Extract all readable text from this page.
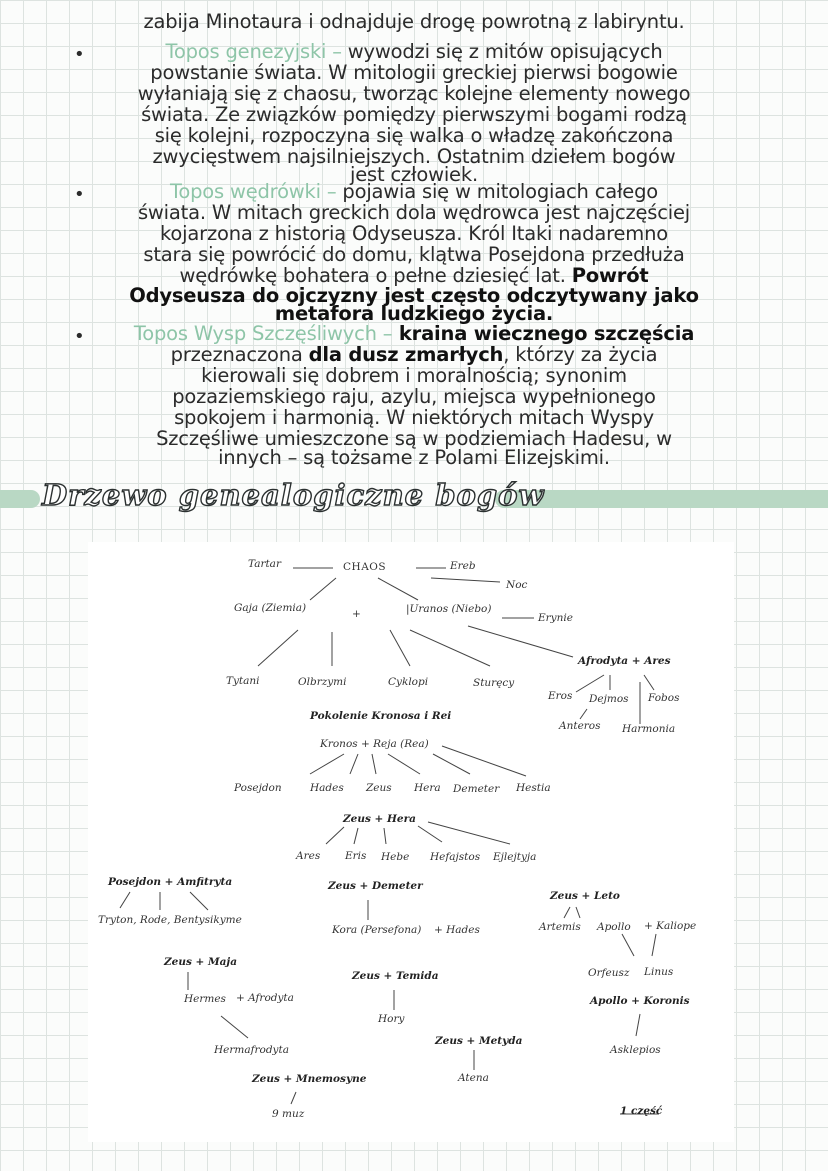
zabija Minotaura i odnajduje drogę powrotną z labiryntu.
•	Topos genezyjski – wywodzi się z mitów opisujących
powstanie świata. W mitologii greckiej pierwsi bogowie
wyłaniają się z chaosu, tworząc kolejne elementy nowego
świata. Ze związków pomiędzy pierwszymi bogami rodzą
się kolejni, rozpoczyna się walka o władzę zakończona
zwycięstwem najsilniejszych. Ostatnim dziełem bogów
jest człowiek.
•	Topos wędrówki – pojawia się w mitologiach całego
świata. W mitach greckich dola wędrowca jest najczęściej
kojarzona z historią Odyseusza. Król Itaki nadaremno
stara się powrócić do domu, klątwa Posejdona przedłuża
wędrówkę bohatera o pełne dziesięć lat. Powrót
Odyseusza do ojczyzny jest często odczytywany jako
metafora ludzkiego życia.
•	Topos Wysp Szczęśliwych – kraina wiecznego szczęścia
przeznaczona dla dusz zmarłych, którzy za życia
kierowali się dobrem i moralnością; synonim
pozaziemskiego raju, azylu, miejsca wypełnionego
spokojem i harmonią. W niektórych mitach Wyspy
Szczęśliwe umieszczone są w podziemiach Hadesu, w
innych – są tożsame z Polami Elizejskimi.
Drzewo genealogiczne bogów
Tartar	CHAOS	Ereb
Noc
Gaja (Ziemia)	+	|Uranos (Niebo)
Erynie
Afrodyta + Ares
Tytani	Olbrzymi	Cyklopi	Sturęcy
Eros Dejmos Fobos
Anteros Harmonia
Pokolenie Kronosa i Rei
Kronos + Reja (Rea)
Posejdon	Hades Zeus Hera Demeter Hestia
Zeus + Hera
Ares Eris Hebe Hefajstos Ejlejtyja
Posejdon + Amfitryta
Tryton, Rode, Bentysikyme
Zeus + Demeter
Kora (Persefona) + Hades
Zeus + Leto
Artemis Apollo + Kaliope
Orfeusz Linus
Zeus + Maja
Hermes + Afrodyta
Hermafrodyta
Zeus + Temida
Hory
Apollo + Koronis
Asklepios
Zeus + Metyda
Atena
Zeus + Mnemosyne
9 muz	1 część
